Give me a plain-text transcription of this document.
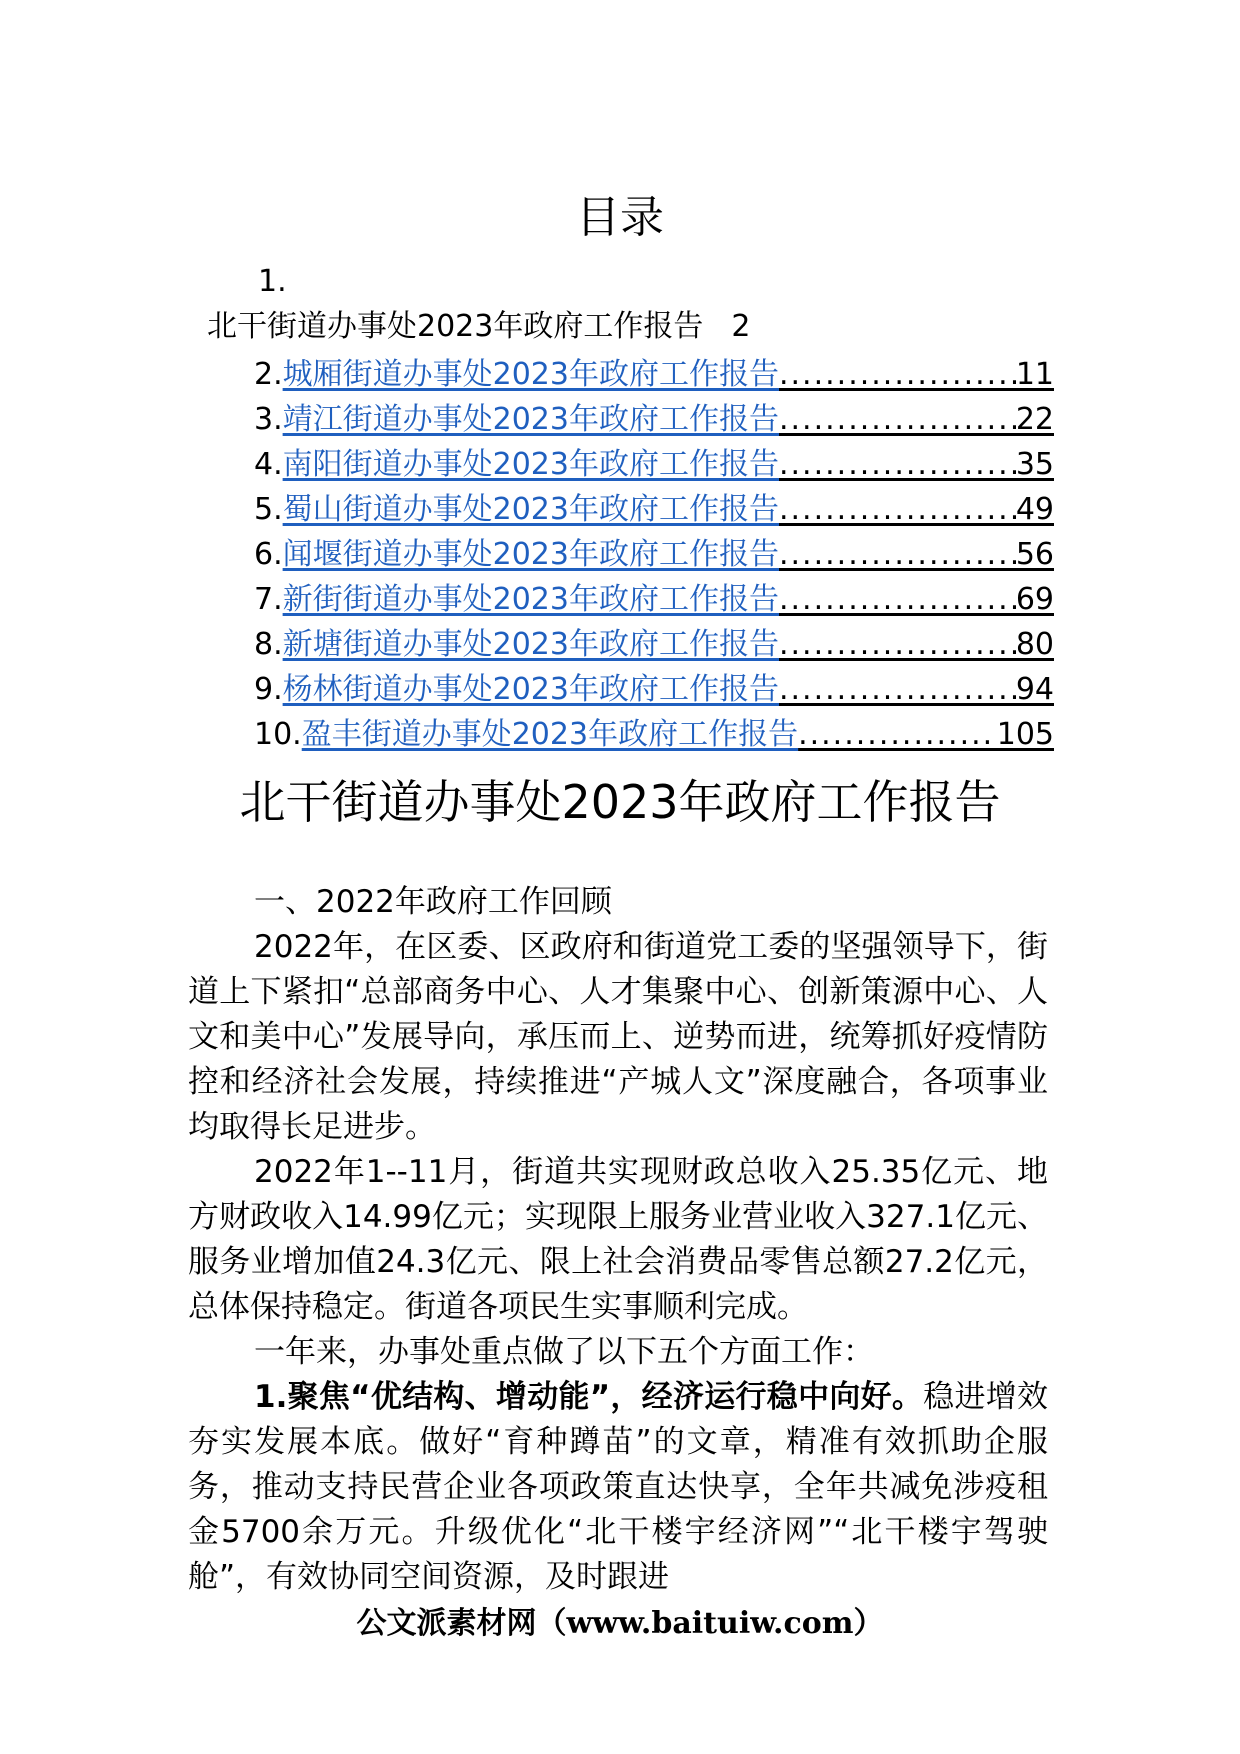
目录
1.
北干街道办事处2023年政府工作报告 2
2. 城厢街道办事处2023年政府工作报告 .....	11
3. 靖江街道办事处2023年政府工作报告 .....	22
4. 南阳街道办事处2023年政府工作报告 .....	35
5. 蜀山街道办事处2023年政府工作报告 .....	49
6. 闻堰街道办事处2023年政府工作报告 .....	56
7. 新街街道办事处2023年政府工作报告 .....	69
8. 新塘街道办事处2023年政府工作报告 .....	80
9. 杨林街道办事处2023年政府工作报告 .....	94
10. 盈丰街道办事处2023年政府工作报告 .....	105
北干街道办事处2023年政府工作报告

一、2022年政府工作回顾

2022年，在区委、区政府和街道党工委的坚强领导下，街道上下紧扣“总部商务中心、人才集聚中心、创新策源中心、人文和美中心”发展导向，承压而上、逆势而进，统筹抓好疫情防控和经济社会发展，持续推进“产城人文”深度融合，各项事业均取得长足进步。

2022年1--11月，街道共实现财政总收入25.35亿元、地方财政收入14.99亿元；实现限上服务业营业收入327.1亿元、服务业增加值24.3亿元、限上社会消费品零售总额27.2亿元，总体保持稳定。街道各项民生实事顺利完成。

一年来，办事处重点做了以下五个方面工作：

1.聚焦“优结构、增动能”，经济运行稳中向好。稳进增效夯实发展本底。做好“育种蹲苗”的文章，精准有效抓助企服务，推动支持民营企业各项政策直达快享，全年共减免涉疫租金5700余万元。升级优化“北干楼宇经济网”“北干楼宇驾驶舱”，有效协同空间资源，及时跟进

公文派素材网（www.baituiw.com）
